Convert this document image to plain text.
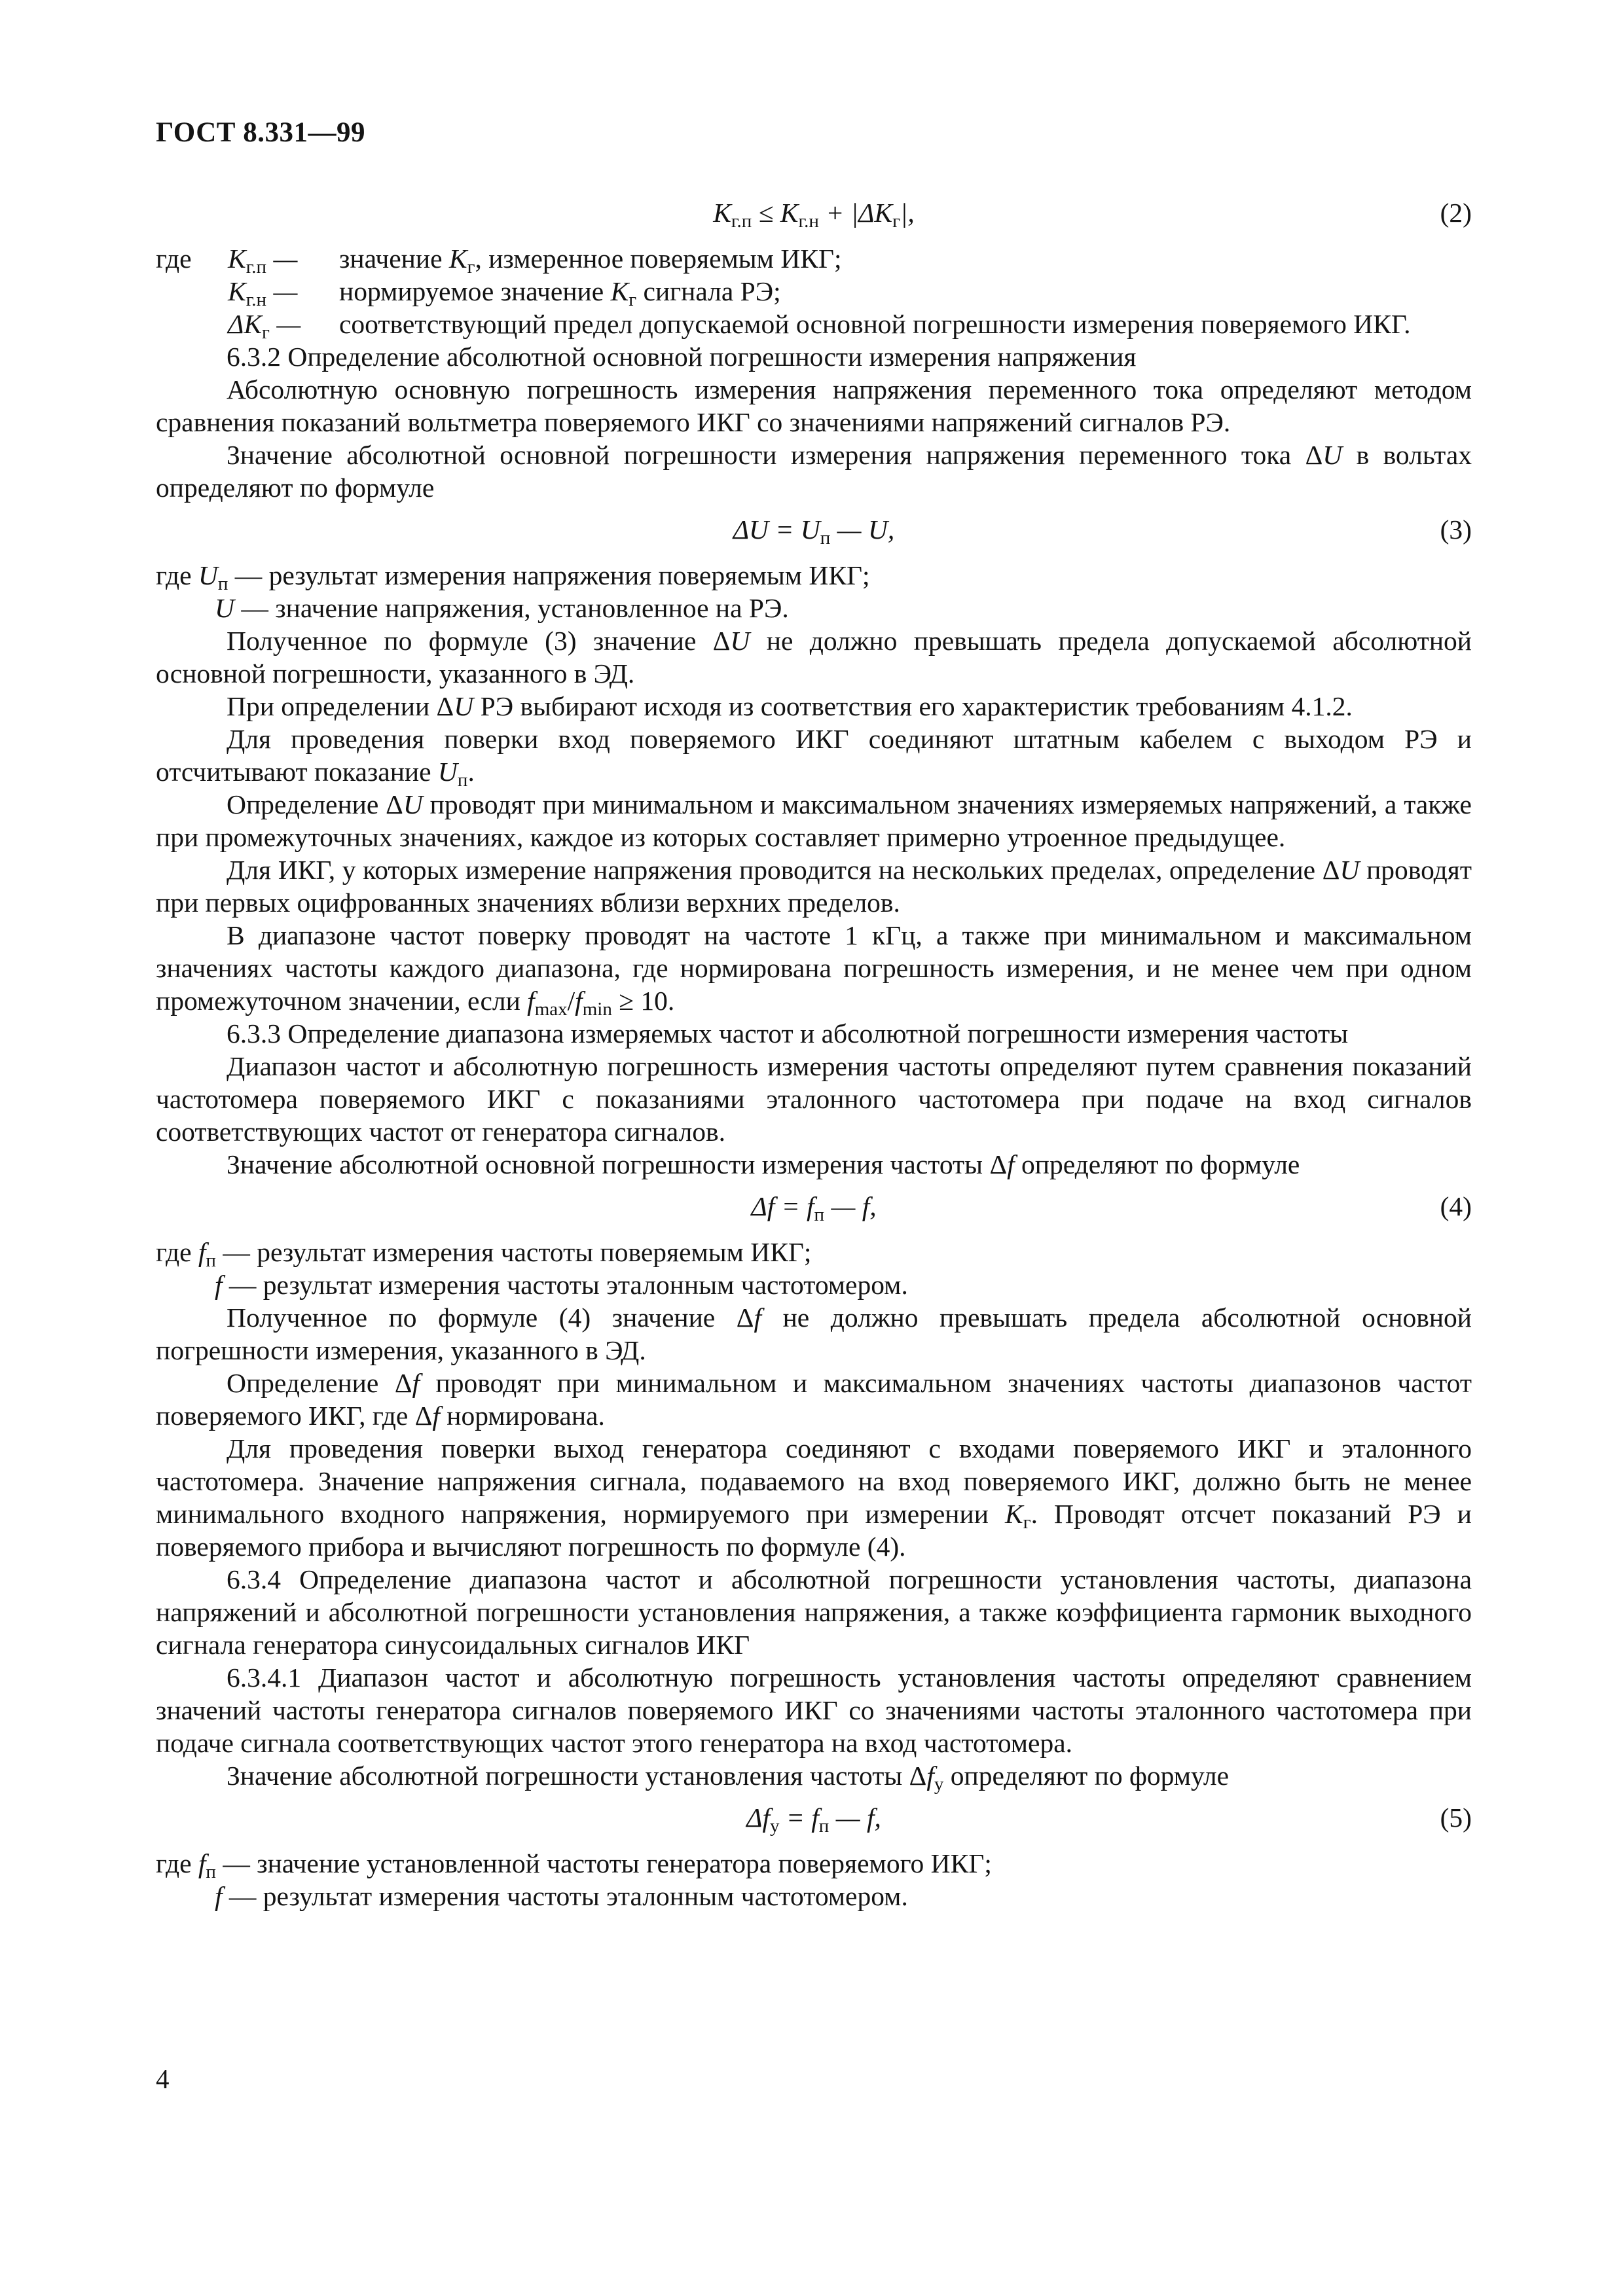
ГОСТ 8.331—99
$K_{г.п} \le K_{г.н} + |\Delta K_г|$,	(2)
где	$K_{г.п}$ —	значение $K_г$, измеренное поверяемым ИКГ;
$K_{г.н}$ —	нормируемое значение $K_г$ сигнала РЭ;
$\Delta K_г$ —	соответствующий предел допускаемой основной погрешности измерения поверяемого ИКГ.

6.3.2 Определение абсолютной основной погрешности измерения напряжения

Абсолютную основную погрешность измерения напряжения переменного тока определяют методом сравнения показаний вольтметра поверяемого ИКГ со значениями напряжений сигналов РЭ.

Значение абсолютной основной погрешности измерения напряжения переменного тока ΔU в вольтах определяют по формуле

$\Delta U = U_п$ — U,	(3)

где $U_п$ — результат измерения напряжения поверяемым ИКГ;

U — значение напряжения, установленное на РЭ.

Полученное по формуле (3) значение ΔU не должно превышать предела допускаемой абсолютной основной погрешности, указанного в ЭД.

При определении ΔU РЭ выбирают исходя из соответствия его характеристик требованиям 4.1.2.

Для проведения поверки вход поверяемого ИКГ соединяют штатным кабелем с выходом РЭ и отсчитывают показание $U_п$.

Определение ΔU проводят при минимальном и максимальном значениях измеряемых напряжений, а также при промежуточных значениях, каждое из которых составляет примерно утроенное предыдущее.

Для ИКГ, у которых измерение напряжения проводится на нескольких пределах, определение ΔU проводят при первых оцифрованных значениях вблизи верхних пределов.

В диапазоне частот поверку проводят на частоте 1 кГц, а также при минимальном и максимальном значениях частоты каждого диапазона, где нормирована погрешность измерения, и не менее чем при одном промежуточном значении, если $f_{max}/f_{min} \ge 10$.

6.3.3 Определение диапазона измеряемых частот и абсолютной погрешности измерения частоты

Диапазон частот и абсолютную погрешность измерения частоты определяют путем сравнения показаний частотомера поверяемого ИКГ с показаниями эталонного частотомера при подаче на вход сигналов соответствующих частот от генератора сигналов.

Значение абсолютной основной погрешности измерения частоты Δf определяют по формуле

$\Delta f = f_п$ — f,	(4)

где $f_п$ — результат измерения частоты поверяемым ИКГ;

f — результат измерения частоты эталонным частотомером.

Полученное по формуле (4) значение Δf не должно превышать предела абсолютной основной погрешности измерения, указанного в ЭД.

Определение Δf проводят при минимальном и максимальном значениях частоты диапазонов частот поверяемого ИКГ, где Δf нормирована.

Для проведения поверки выход генератора соединяют с входами поверяемого ИКГ и эталонного частотомера. Значение напряжения сигнала, подаваемого на вход поверяемого ИКГ, должно быть не менее минимального входного напряжения, нормируемого при измерении $K_г$. Проводят отсчет показаний РЭ и поверяемого прибора и вычисляют погрешность по формуле (4).

6.3.4 Определение диапазона частот и абсолютной погрешности установления частоты, диапазона напряжений и абсолютной погрешности установления напряжения, а также коэффициента гармоник выходного сигнала генератора синусоидальных сигналов ИКГ

6.3.4.1 Диапазон частот и абсолютную погрешность установления частоты определяют сравнением значений частоты генератора сигналов поверяемого ИКГ со значениями частоты эталонного частотомера при подаче сигнала соответствующих частот этого генератора на вход частотомера.

Значение абсолютной погрешности установления частоты $\Delta f_у$ определяют по формуле

$\Delta f_у = f_п$ — f,	(5)

где $f_п$ — значение установленной частоты генератора поверяемого ИКГ;

f — результат измерения частоты эталонным частотомером.

4
